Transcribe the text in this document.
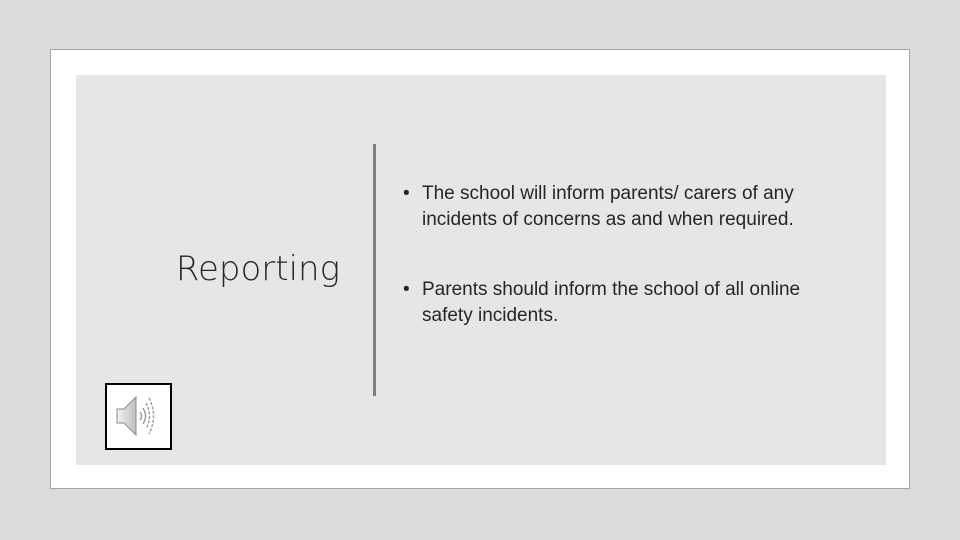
Reporting
• The school will inform parents/ carers of any incidents of concerns as and when required.
• Parents should inform the school of all online safety incidents.
